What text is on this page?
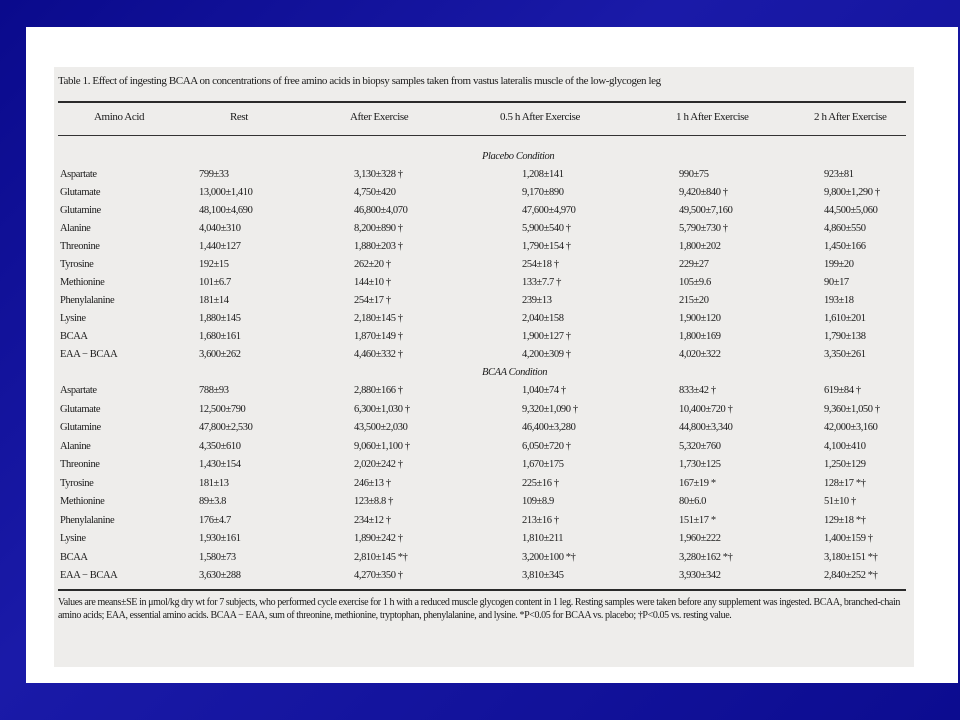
Table 1. Effect of ingesting BCAA on concentrations of free amino acids in biopsy samples taken from vastus lateralis muscle of the low-glycogen leg
Amino Acid	Rest	After Exercise	0.5 h After Exercise	1 h After Exercise	2 h After Exercise
Placebo Condition
Aspartate	799±33	3,130±328 †	1,208±141	990±75	923±81
Glutamate	13,000±1,410	4,750±420	9,170±890	9,420±840 †	9,800±1,290 †
Glutamine	48,100±4,690	46,800±4,070	47,600±4,970	49,500±7,160	44,500±5,060
Alanine	4,040±310	8,200±890 †	5,900±540 †	5,790±730 †	4,860±550
Threonine	1,440±127	1,880±203 †	1,790±154 †	1,800±202	1,450±166
Tyrosine	192±15	262±20 †	254±18 †	229±27	199±20
Methionine	101±6.7	144±10 †	133±7.7 †	105±9.6	90±17
Phenylalanine	181±14	254±17 †	239±13	215±20	193±18
Lysine	1,880±145	2,180±145 †	2,040±158	1,900±120	1,610±201
BCAA	1,680±161	1,870±149 †	1,900±127 †	1,800±169	1,790±138
EAA − BCAA	3,600±262	4,460±332 †	4,200±309 †	4,020±322	3,350±261
BCAA Condition
Aspartate	788±93	2,880±166 †	1,040±74 †	833±42 †	619±84 †
Glutamate	12,500±790	6,300±1,030 †	9,320±1,090 †	10,400±720 †	9,360±1,050 †
Glutamine	47,800±2,530	43,500±2,030	46,400±3,280	44,800±3,340	42,000±3,160
Alanine	4,350±610	9,060±1,100 †	6,050±720 †	5,320±760	4,100±410
Threonine	1,430±154	2,020±242 †	1,670±175	1,730±125	1,250±129
Tyrosine	181±13	246±13 †	225±16 †	167±19 *	128±17 *†
Methionine	89±3.8	123±8.8 †	109±8.9	80±6.0	51±10 †
Phenylalanine	176±4.7	234±12 †	213±16 †	151±17 *	129±18 *†
Lysine	1,930±161	1,890±242 †	1,810±211	1,960±222	1,400±159 †
BCAA	1,580±73	2,810±145 *†	3,200±100 *†	3,280±162 *†	3,180±151 *†
EAA − BCAA	3,630±288	4,270±350 †	3,810±345	3,930±342	2,840±252 *†
Values are means±SE in μmol/kg dry wt for 7 subjects, who performed cycle exercise for 1 h with a reduced muscle glycogen content in 1 leg. Resting samples were taken before any supplement was ingested. BCAA, branched-chain amino acids; EAA, essential amino acids. BCAA − EAA, sum of threonine, methionine, tryptophan, phenylalanine, and lysine. *P<0.05 for BCAA vs. placebo; †P<0.05 vs. resting value.
